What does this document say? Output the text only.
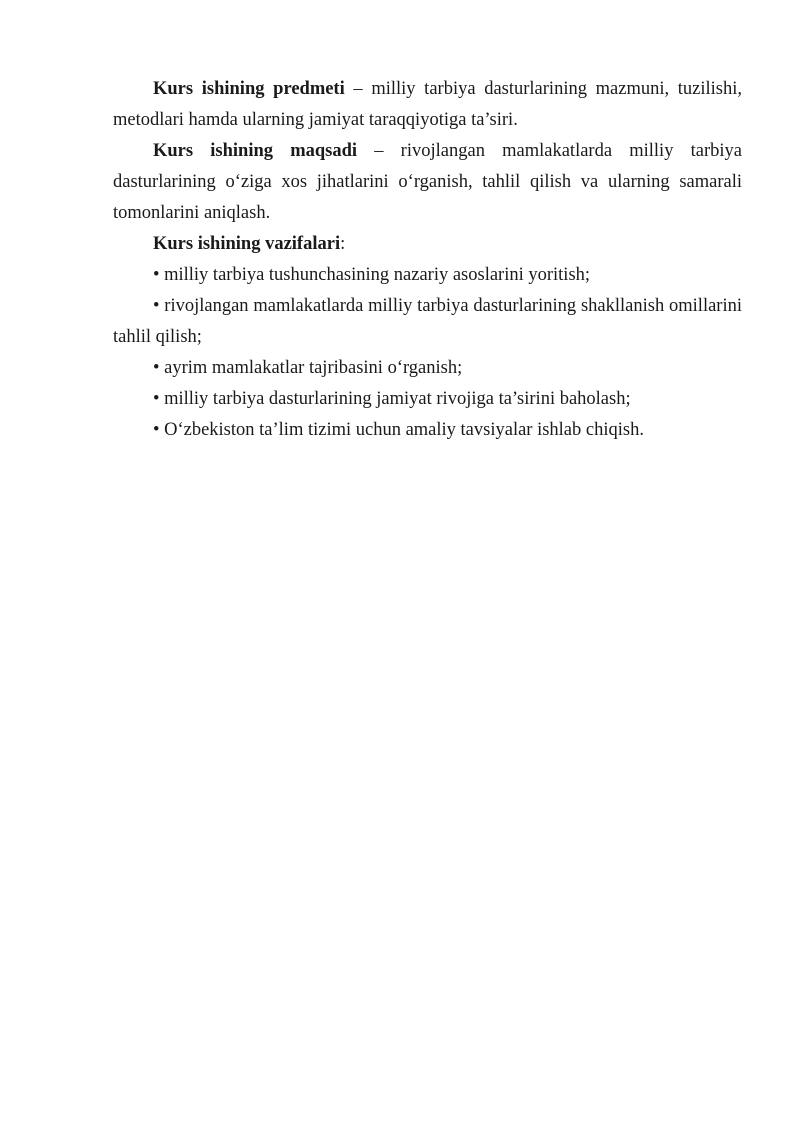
Kurs ishining predmeti – milliy tarbiya dasturlarining mazmuni, tuzilishi, metodlari hamda ularning jamiyat taraqqiyotiga ta’siri.

Kurs ishining maqsadi – rivojlangan mamlakatlarda milliy tarbiya dasturlarining o‘ziga xos jihatlarini o‘rganish, tahlil qilish va ularning samarali tomonlarini aniqlash.

Kurs ishining vazifalari:

• milliy tarbiya tushunchasining nazariy asoslarini yoritish;

• rivojlangan mamlakatlarda milliy tarbiya dasturlarining shakllanish omillarini tahlil qilish;

• ayrim mamlakatlar tajribasini o‘rganish;

• milliy tarbiya dasturlarining jamiyat rivojiga ta’sirini baholash;

• O‘zbekiston ta’lim tizimi uchun amaliy tavsiyalar ishlab chiqish.
